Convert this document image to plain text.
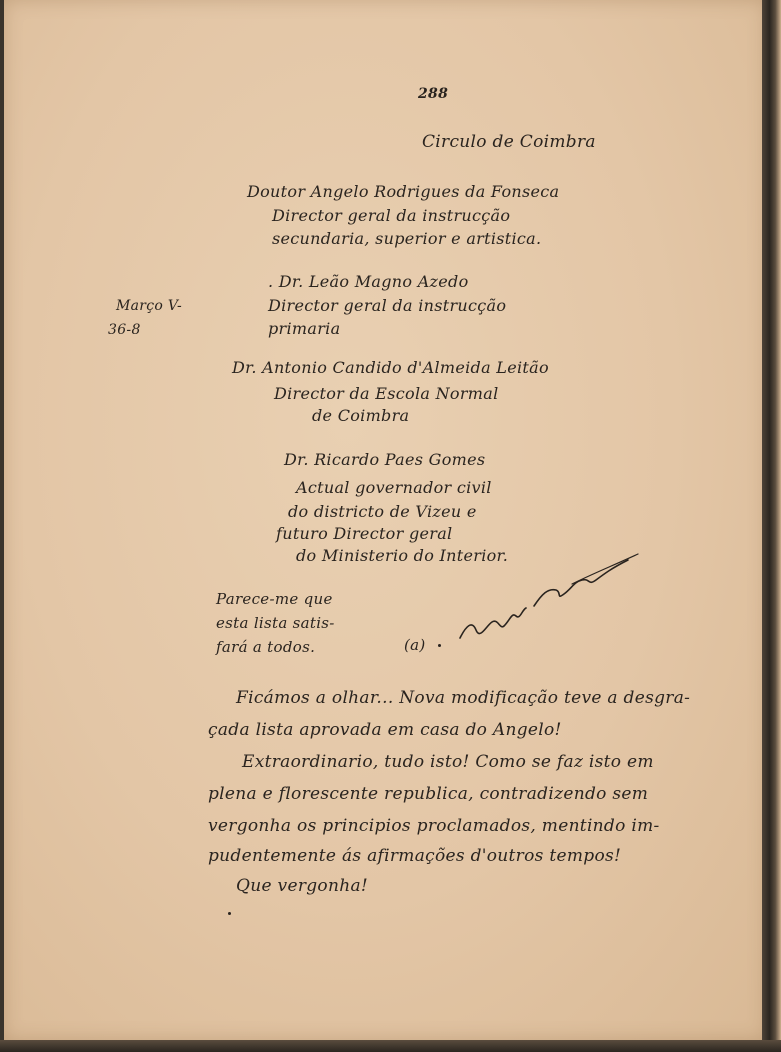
288
Circulo de Coimbra
Doutor Angelo Rodrigues da Fonseca
Director geral da instrucção
secundaria, superior e artistica.
. Dr. Leão Magno Azedo
Director geral da instrucção
primaria
Março V-
36-8
Dr. Antonio Candido d'Almeida Leitão
Director da Escola Normal
de Coimbra
Dr. Ricardo Paes Gomes
Actual governador civil
do districto de Vizeu e
futuro Director geral
do Ministerio do Interior.
Parece-me que
esta lista satis-
fará a todos.	(a)
Ficámos a olhar... Nova modificação teve a desgra-
çada lista aprovada em casa do Angelo!
Extraordinario, tudo isto! Como se faz isto em
plena e florescente republica, contradizendo sem
vergonha os principios proclamados, mentindo im-
pudentemente ás afirmações d'outros tempos!
Que vergonha!
